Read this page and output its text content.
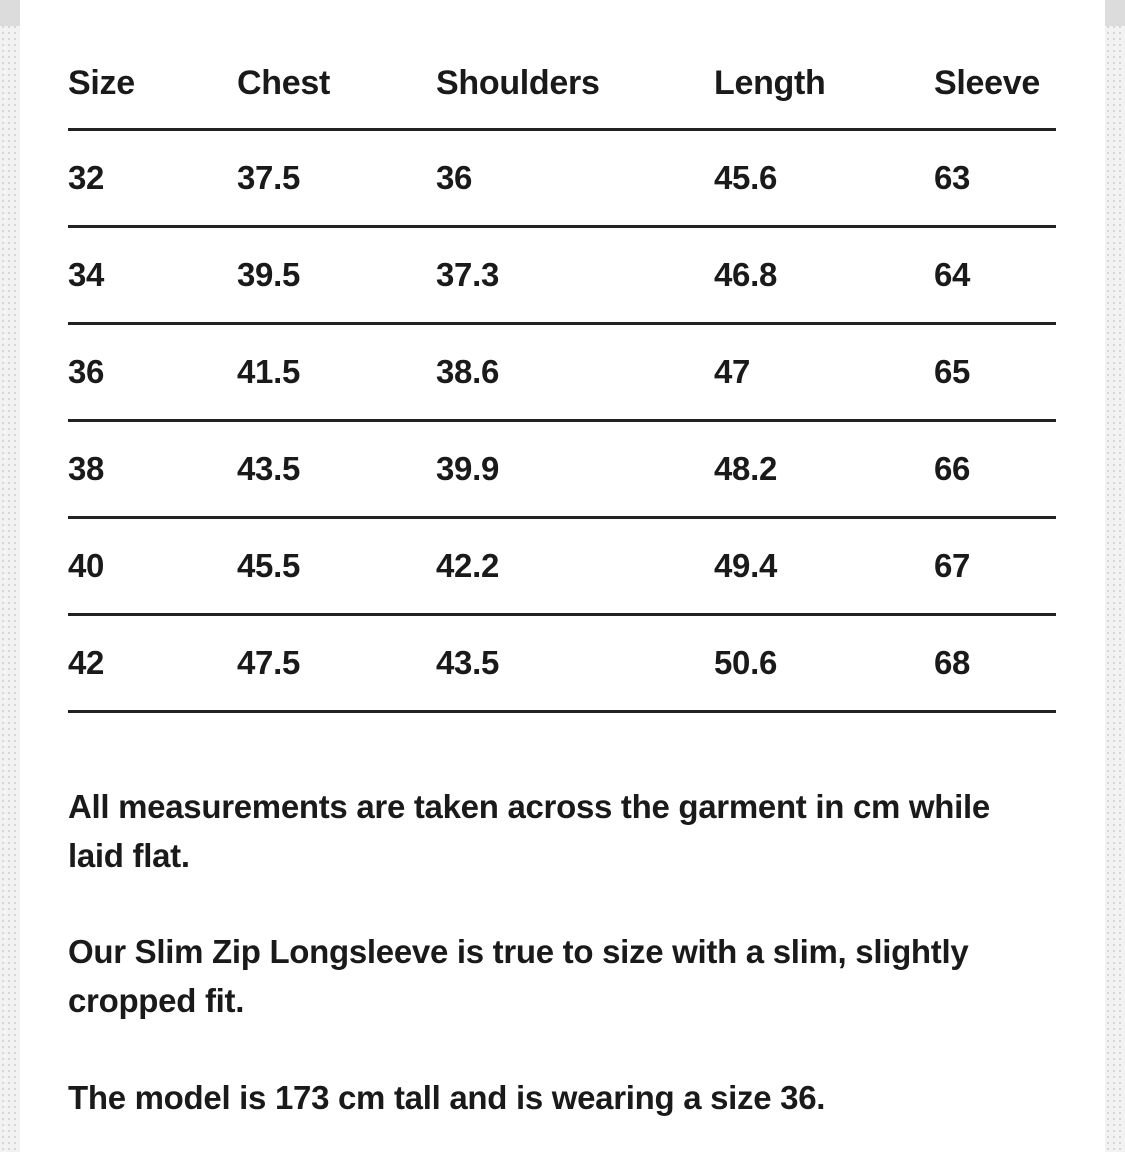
Size	Chest	Shoulders	Length	Sleeve
32	37.5	36	45.6	63
34	39.5	37.3	46.8	64
36	41.5	38.6	47	65
38	43.5	39.9	48.2	66
40	45.5	42.2	49.4	67
42	47.5	43.5	50.6	68

All measurements are taken across the garment in cm while laid flat.

Our Slim Zip Longsleeve is true to size with a slim, slightly cropped fit.

The model is 173 cm tall and is wearing a size 36.
